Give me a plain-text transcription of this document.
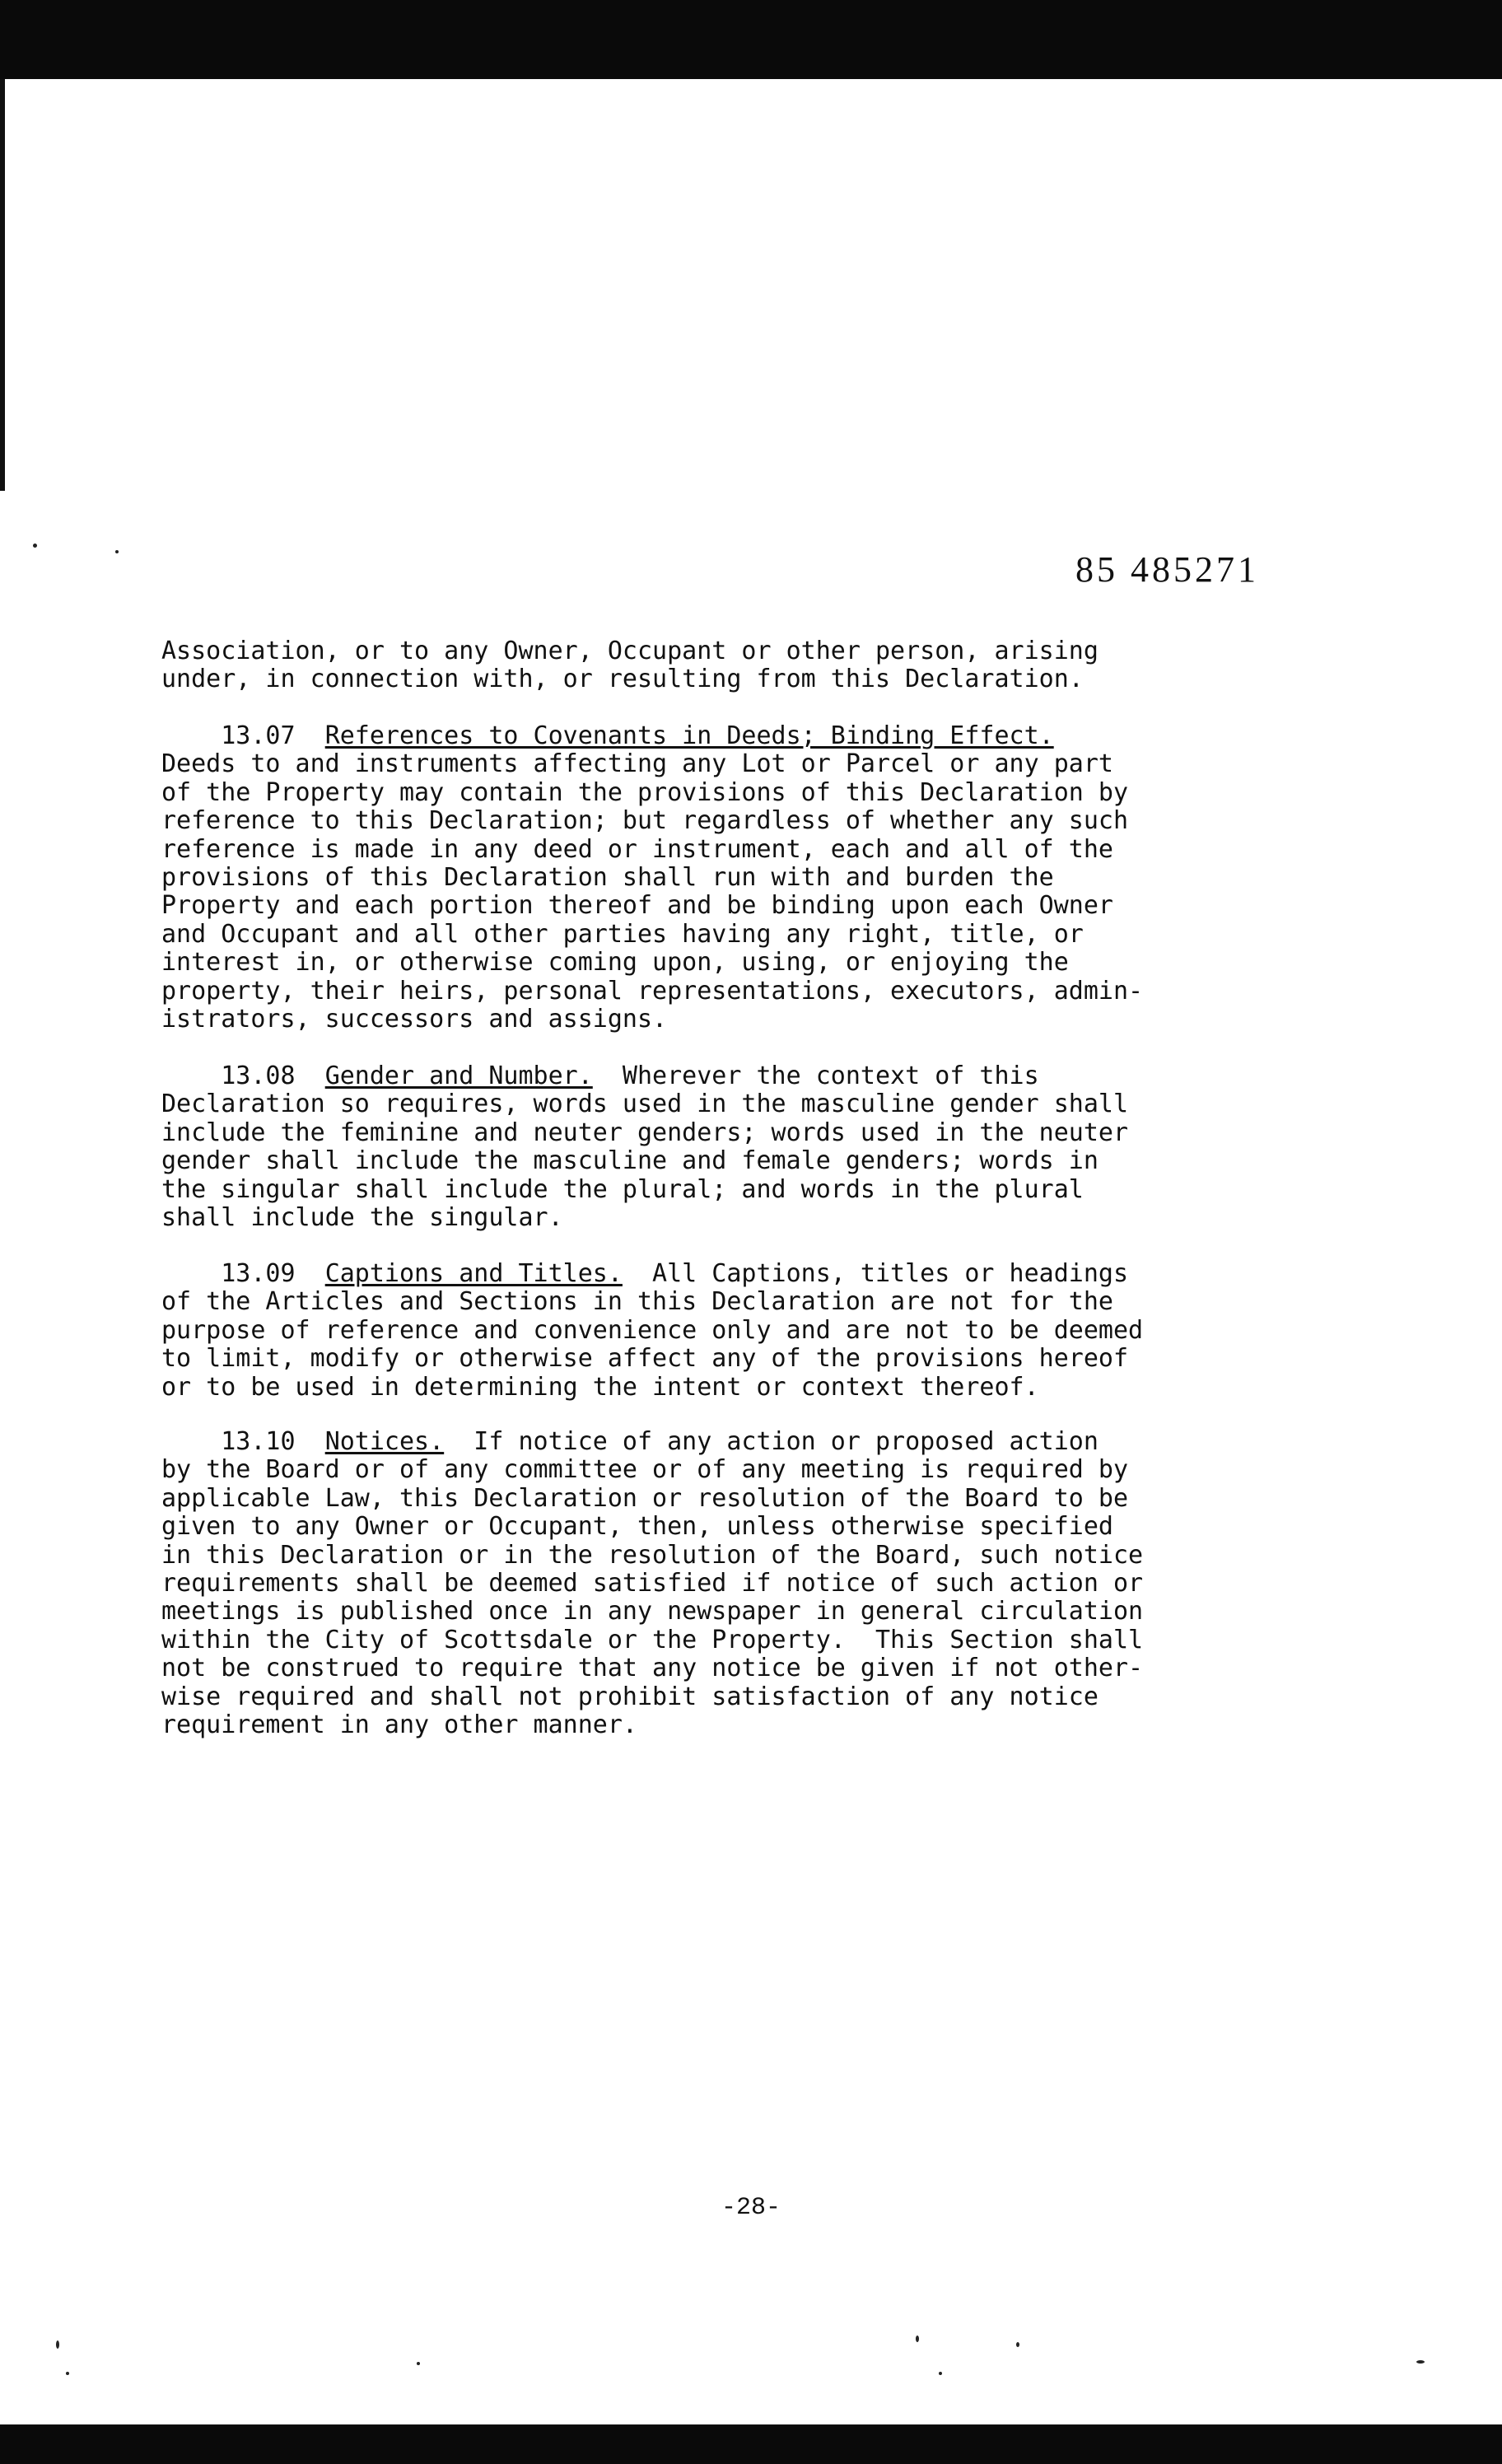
85 485271
Association, or to any Owner, Occupant or other person, arising
under, in connection with, or resulting from this Declaration.
13.07 References to Covenants in Deeds; Binding Effect.
Deeds to and instruments affecting any Lot or Parcel or any part
of the Property may contain the provisions of this Declaration by
reference to this Declaration; but regardless of whether any such
reference is made in any deed or instrument, each and all of the
provisions of this Declaration shall run with and burden the
Property and each portion thereof and be binding upon each Owner
and Occupant and all other parties having any right, title, or
interest in, or otherwise coming upon, using, or enjoying the
property, their heirs, personal representations, executors, admin-
istrators, successors and assigns.
13.08 Gender and Number.  Wherever the context of this
Declaration so requires, words used in the masculine gender shall
include the feminine and neuter genders; words used in the neuter
gender shall include the masculine and female genders; words in
the singular shall include the plural; and words in the plural
shall include the singular.
13.09 Captions and Titles.  All Captions, titles or headings
of the Articles and Sections in this Declaration are not for the
purpose of reference and convenience only and are not to be deemed
to limit, modify or otherwise affect any of the provisions hereof
or to be used in determining the intent or context thereof.
13.10 Notices.  If notice of any action or proposed action
by the Board or of any committee or of any meeting is required by
applicable Law, this Declaration or resolution of the Board to be
given to any Owner or Occupant, then, unless otherwise specified
in this Declaration or in the resolution of the Board, such notice
requirements shall be deemed satisfied if notice of such action or
meetings is published once in any newspaper in general circulation
within the City of Scottsdale or the Property.  This Section shall
not be construed to require that any notice be given if not other-
wise required and shall not prohibit satisfaction of any notice
requirement in any other manner.
-28-
